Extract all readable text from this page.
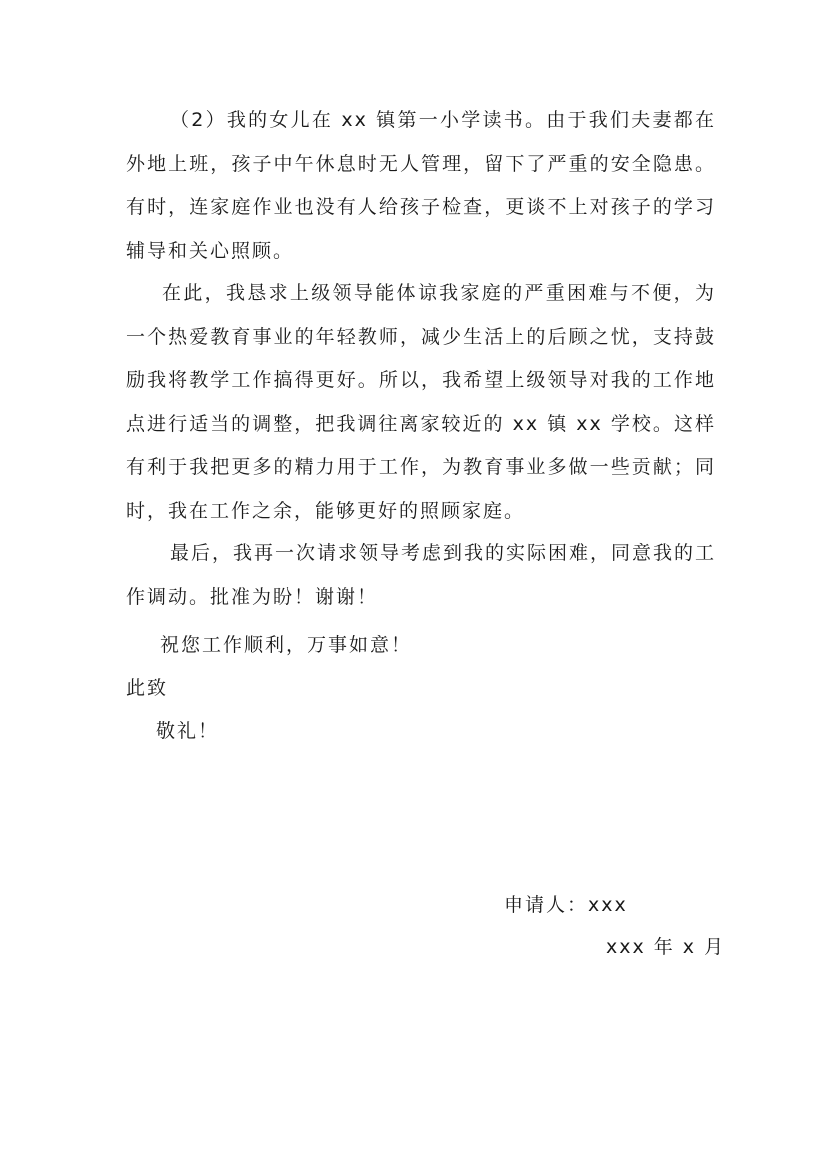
（2）我的女儿在 xx 镇第一小学读书。由于我们夫妻都在外地上班，孩子中午休息时无人管理，留下了严重的安全隐患。有时，连家庭作业也没有人给孩子检查，更谈不上对孩子的学习辅导和关心照顾。

在此，我恳求上级领导能体谅我家庭的严重困难与不便，为一个热爱教育事业的年轻教师，减少生活上的后顾之忧，支持鼓励我将教学工作搞得更好。所以，我希望上级领导对我的工作地点进行适当的调整，把我调往离家较近的 xx 镇 xx 学校。这样有利于我把更多的精力用于工作，为教育事业多做一些贡献；同时，我在工作之余，能够更好的照顾家庭。

最后，我再一次请求领导考虑到我的实际困难，同意我的工作调动。批准为盼！谢谢！

祝您工作顺利，万事如意！

此致

敬礼！

申请人：xxx

xxx 年 x 月
